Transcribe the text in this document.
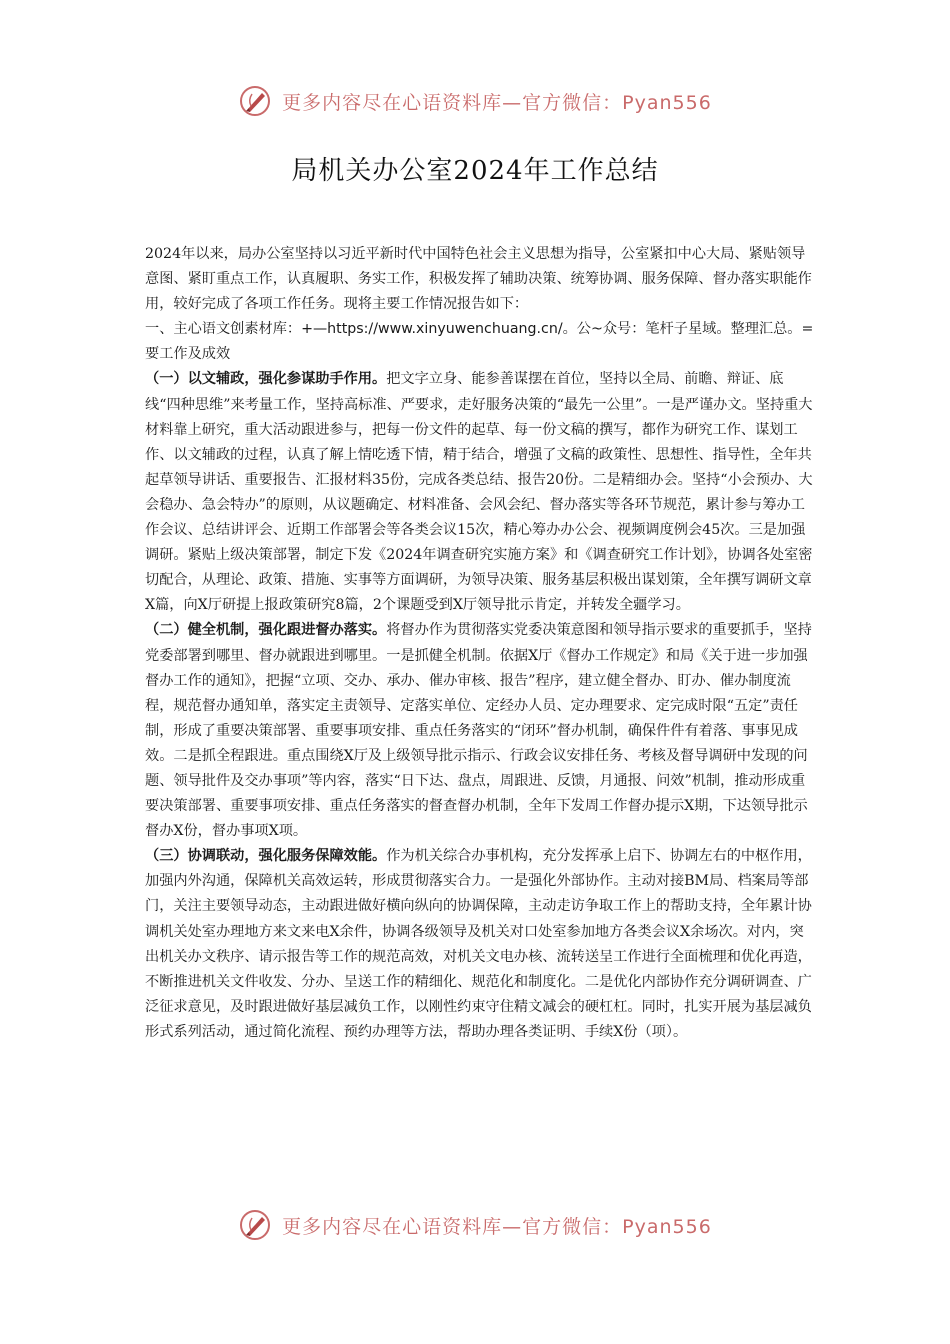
更多内容尽在心语资料库—官方微信：Pyan556
局机关办公室2024年工作总结

2024年以来，局办公室坚持以习近平新时代中国特色社会主义思想为指导，公室紧扣中心大局、紧贴领导意图、紧盯重点工作，认真履职、务实工作，积极发挥了辅助决策、统筹协调、服务保障、督办落实职能作用，较好完成了各项工作任务。现将主要工作情况报告如下：

一、主心语文创素材库：+—https://www.xinyuwenchuang.cn/。公~众号：笔杆子星域。整理汇总。=要工作及成效

（一）以文辅政，强化参谋助手作用。把文字立身、能参善谋摆在首位，坚持以全局、前瞻、辩证、底线“四种思维”来考量工作，坚持高标准、严要求，走好服务决策的“最先一公里”。一是严谨办文。坚持重大材料靠上研究，重大活动跟进参与，把每一份文件的起草、每一份文稿的撰写，都作为研究工作、谋划工作、以文辅政的过程，认真了解上情吃透下情，精于结合，增强了文稿的政策性、思想性、指导性，全年共起草领导讲话、重要报告、汇报材料35份，完成各类总结、报告20份。二是精细办会。坚持“小会预办、大会稳办、急会特办”的原则，从议题确定、材料准备、会风会纪、督办落实等各环节规范，累计参与筹办工作会议、总结讲评会、近期工作部署会等各类会议15次，精心筹办办公会、视频调度例会45次。三是加强调研。紧贴上级决策部署，制定下发《2024年调查研究实施方案》和《调查研究工作计划》，协调各处室密切配合，从理论、政策、措施、实事等方面调研，为领导决策、服务基层积极出谋划策，全年撰写调研文章X篇，向X厅研提上报政策研究8篇，2个课题受到X厅领导批示肯定，并转发全疆学习。

（二）健全机制，强化跟进督办落实。将督办作为贯彻落实党委决策意图和领导指示要求的重要抓手，坚持党委部署到哪里、督办就跟进到哪里。一是抓健全机制。依据X厅《督办工作规定》和局《关于进一步加强督办工作的通知》，把握“立项、交办、承办、催办审核、报告”程序，建立健全督办、盯办、催办制度流程，规范督办通知单，落实定主责领导、定落实单位、定经办人员、定办理要求、定完成时限“五定”责任制，形成了重要决策部署、重要事项安排、重点任务落实的“闭环”督办机制，确保件件有着落、事事见成效。二是抓全程跟进。重点围绕X厅及上级领导批示指示、行政会议安排任务、考核及督导调研中发现的问题、领导批件及交办事项”等内容，落实“日下达、盘点，周跟进、反馈，月通报、问效”机制，推动形成重要决策部署、重要事项安排、重点任务落实的督查督办机制，全年下发周工作督办提示X期，下达领导批示督办X份，督办事项X项。

（三）协调联动，强化服务保障效能。作为机关综合办事机构，充分发挥承上启下、协调左右的中枢作用，加强内外沟通，保障机关高效运转，形成贯彻落实合力。一是强化外部协作。主动对接BM局、档案局等部门，关注主要领导动态，主动跟进做好横向纵向的协调保障，主动走访争取工作上的帮助支持，全年累计协调机关处室办理地方来文来电X余件，协调各级领导及机关对口处室参加地方各类会议X余场次。对内，突出机关办文秩序、请示报告等工作的规范高效，对机关文电办核、流转送呈工作进行全面梳理和优化再造，不断推进机关文件收发、分办、呈送工作的精细化、规范化和制度化。二是优化内部协作充分调研调查、广泛征求意见，及时跟进做好基层减负工作，以刚性约束守住精文减会的硬杠杠。同时，扎实开展为基层减负形式系列活动，通过简化流程、预约办理等方法，帮助办理各类证明、手续X份（项）。

更多内容尽在心语资料库—官方微信：Pyan556
